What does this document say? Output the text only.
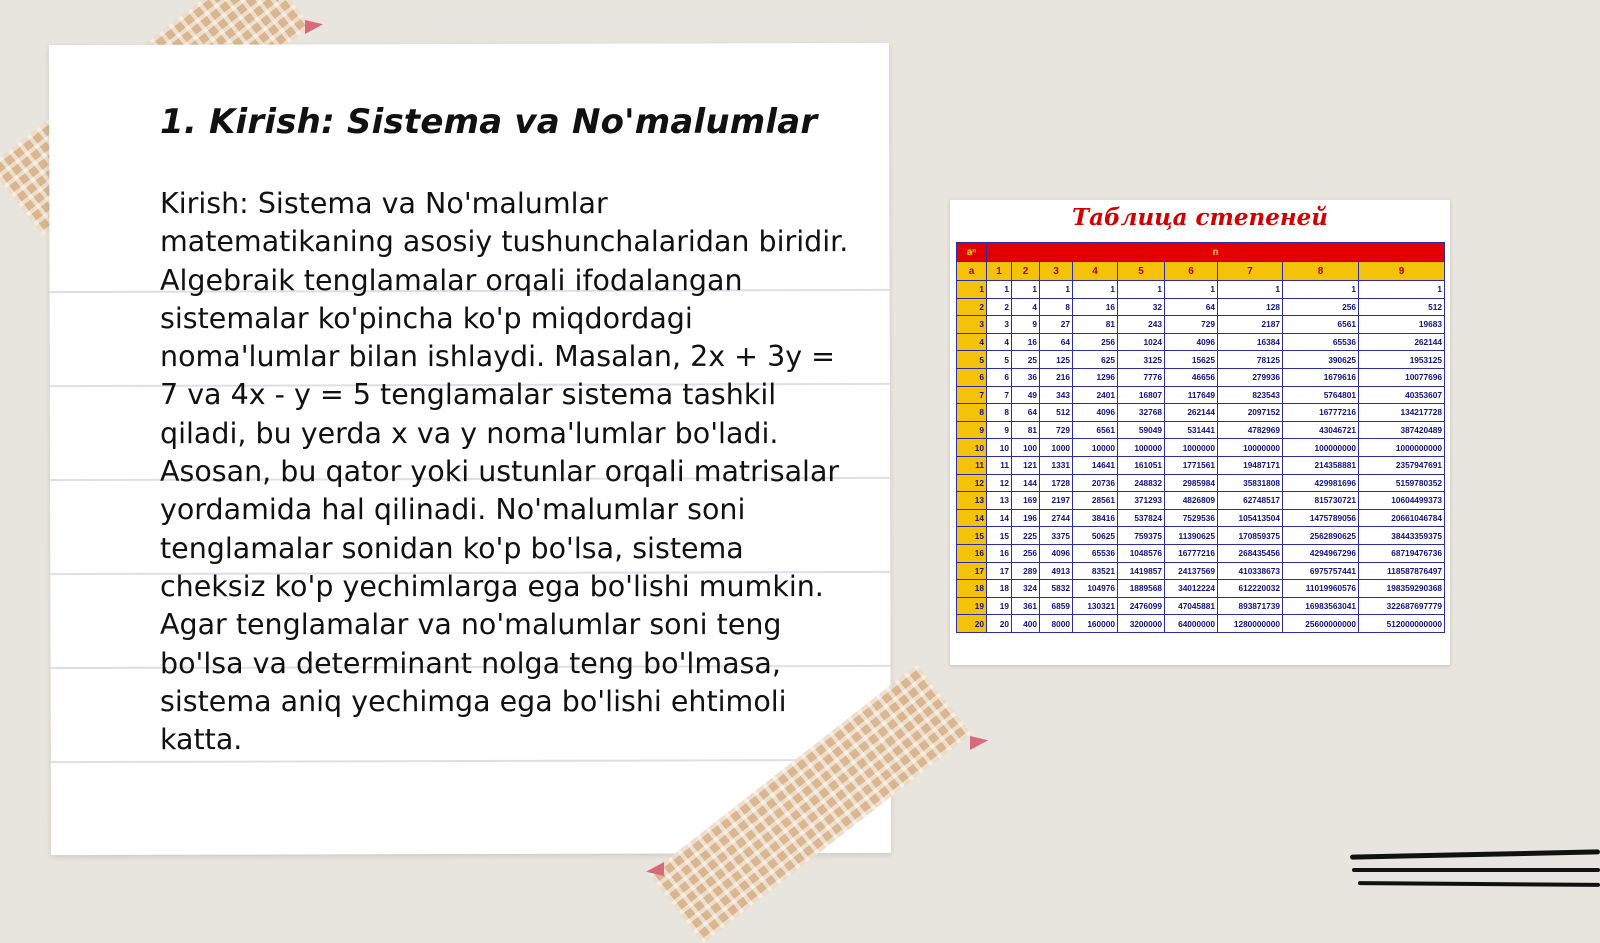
1. Kirish: Sistema va No'malumlar

Kirish: Sistema va No'malumlar matematikaning asosiy tushunchalaridan biridir. Algebraik tenglamalar orqali ifodalangan sistemalar ko'pincha ko'p miqdordagi noma'lumlar bilan ishlaydi. Masalan, 2x + 3y = 7 va 4x - y = 5 tenglamalar sistema tashkil qiladi, bu yerda x va y noma'lumlar bo'ladi. Asosan, bu qator yoki ustunlar orqali matrisalar yordamida hal qilinadi. No'malumlar soni tenglamalar sonidan ko'p bo'lsa, sistema cheksiz ko'p yechimlarga ega bo'lishi mumkin. Agar tenglamalar va no'malumlar soni teng bo'lsa va determinant nolga teng bo'lmasa, sistema aniq yechimga ega bo'lishi ehtimoli katta.

Таблица степеней
aⁿ	n								
a	1	2	3	4	5	6	7	8	9
1	1	1	1	1	1	1	1	1	1
2	2	4	8	16	32	64	128	256	512
3	3	9	27	81	243	729	2187	6561	19683
4	4	16	64	256	1024	4096	16384	65536	262144
5	5	25	125	625	3125	15625	78125	390625	1953125
6	6	36	216	1296	7776	46656	279936	1679616	10077696
7	7	49	343	2401	16807	117649	823543	5764801	40353607
8	8	64	512	4096	32768	262144	2097152	16777216	134217728
9	9	81	729	6561	59049	531441	4782969	43046721	387420489
10	10	100	1000	10000	100000	1000000	10000000	100000000	1000000000
11	11	121	1331	14641	161051	1771561	19487171	214358881	2357947691
12	12	144	1728	20736	248832	2985984	35831808	429981696	5159780352
13	13	169	2197	28561	371293	4826809	62748517	815730721	10604499373
14	14	196	2744	38416	537824	7529536	105413504	1475789056	20661046784
15	15	225	3375	50625	759375	11390625	170859375	2562890625	38443359375
16	16	256	4096	65536	1048576	16777216	268435456	4294967296	68719476736
17	17	289	4913	83521	1419857	24137569	410338673	6975757441	118587876497
18	18	324	5832	104976	1889568	34012224	612220032	11019960576	198359290368
19	19	361	6859	130321	2476099	47045881	893871739	16983563041	322687697779
20	20	400	8000	160000	3200000	64000000	1280000000	25600000000	512000000000
